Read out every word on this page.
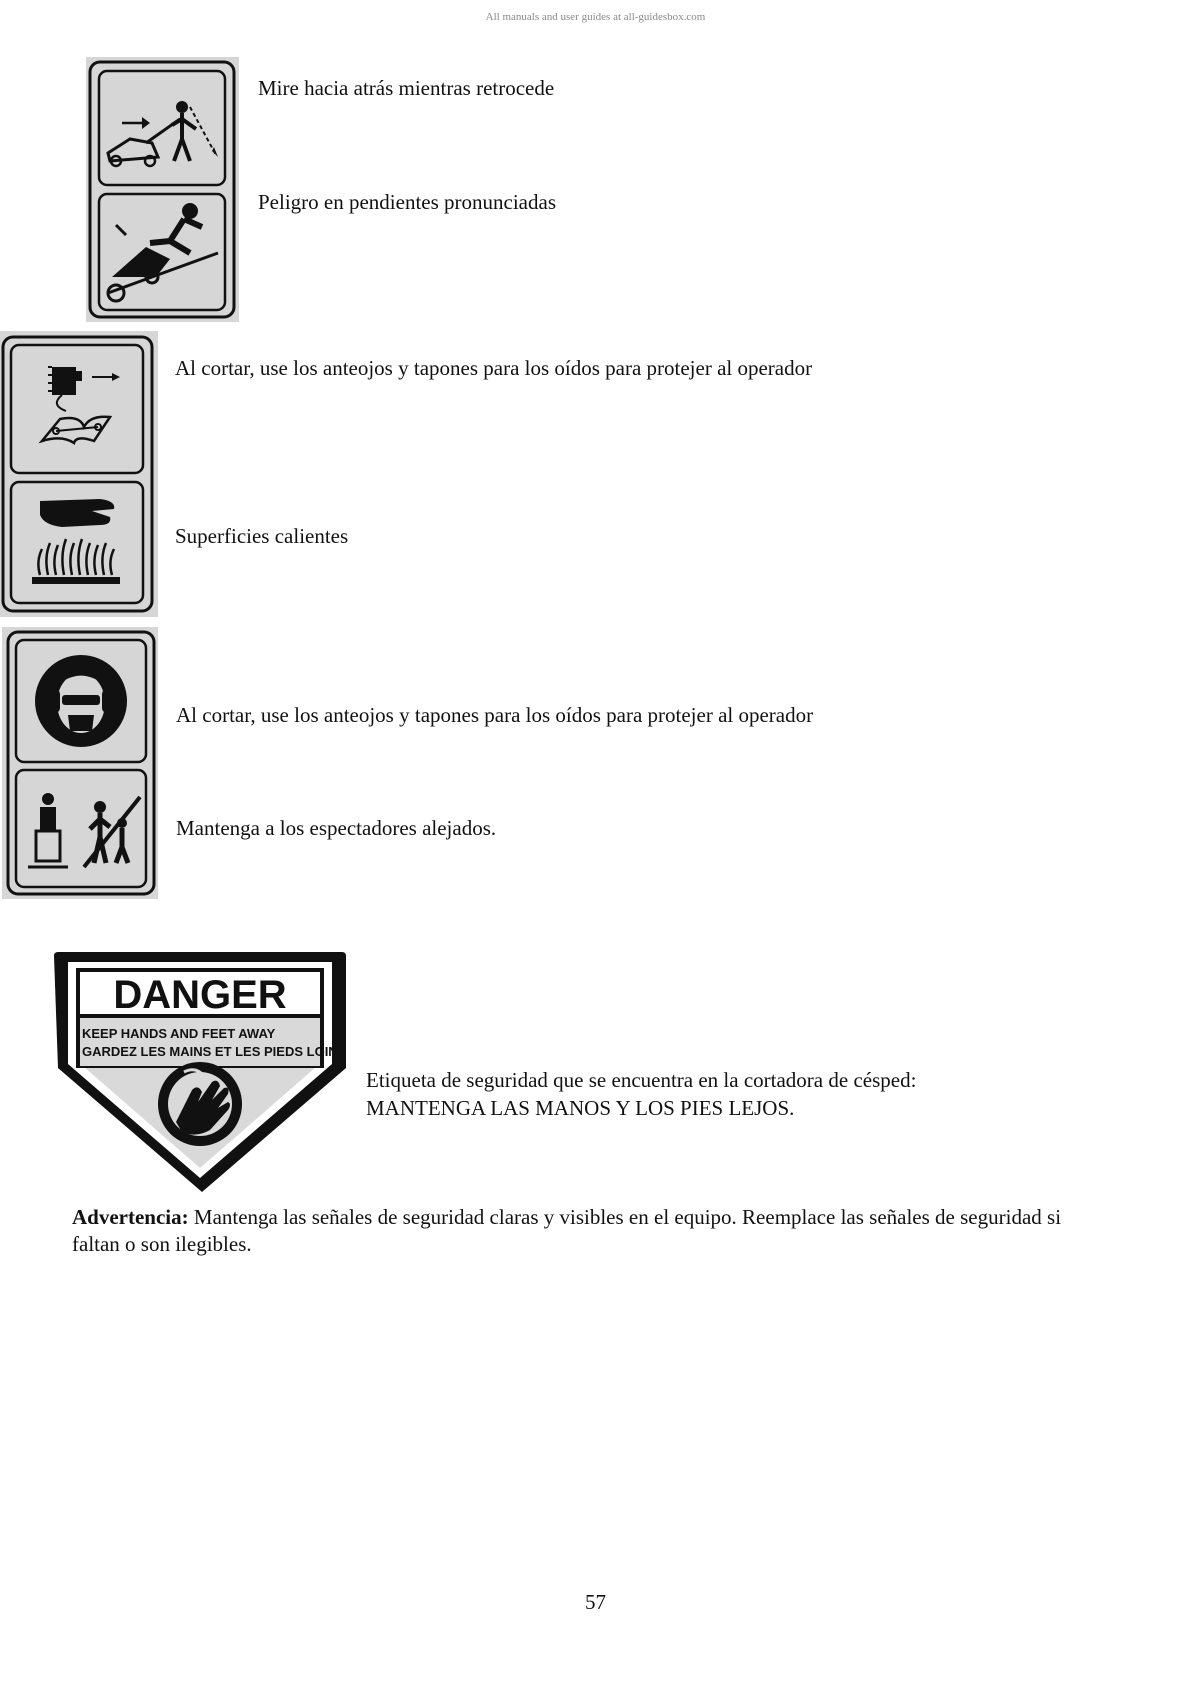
All manuals and user guides at all-guidesbox.com
Mire hacia atrás mientras retrocede
Peligro en pendientes pronunciadas
Al cortar, use los anteojos y tapones para los oídos para protejer al operador
Superficies calientes
Al cortar, use los anteojos y tapones para los oídos para protejer al operador
Mantenga a los espectadores alejados.
DANGER
KEEP HANDS AND FEET AWAY
GARDEZ LES MAINS ET LES PIEDS LOIN
Etiqueta de seguridad que se encuentra en la cortadora de césped:
MANTENGA LAS MANOS Y LOS PIES LEJOS.
Advertencia: Mantenga las señales de seguridad claras y visibles en el equipo. Reemplace las señales de seguridad si faltan o son ilegibles.
57
